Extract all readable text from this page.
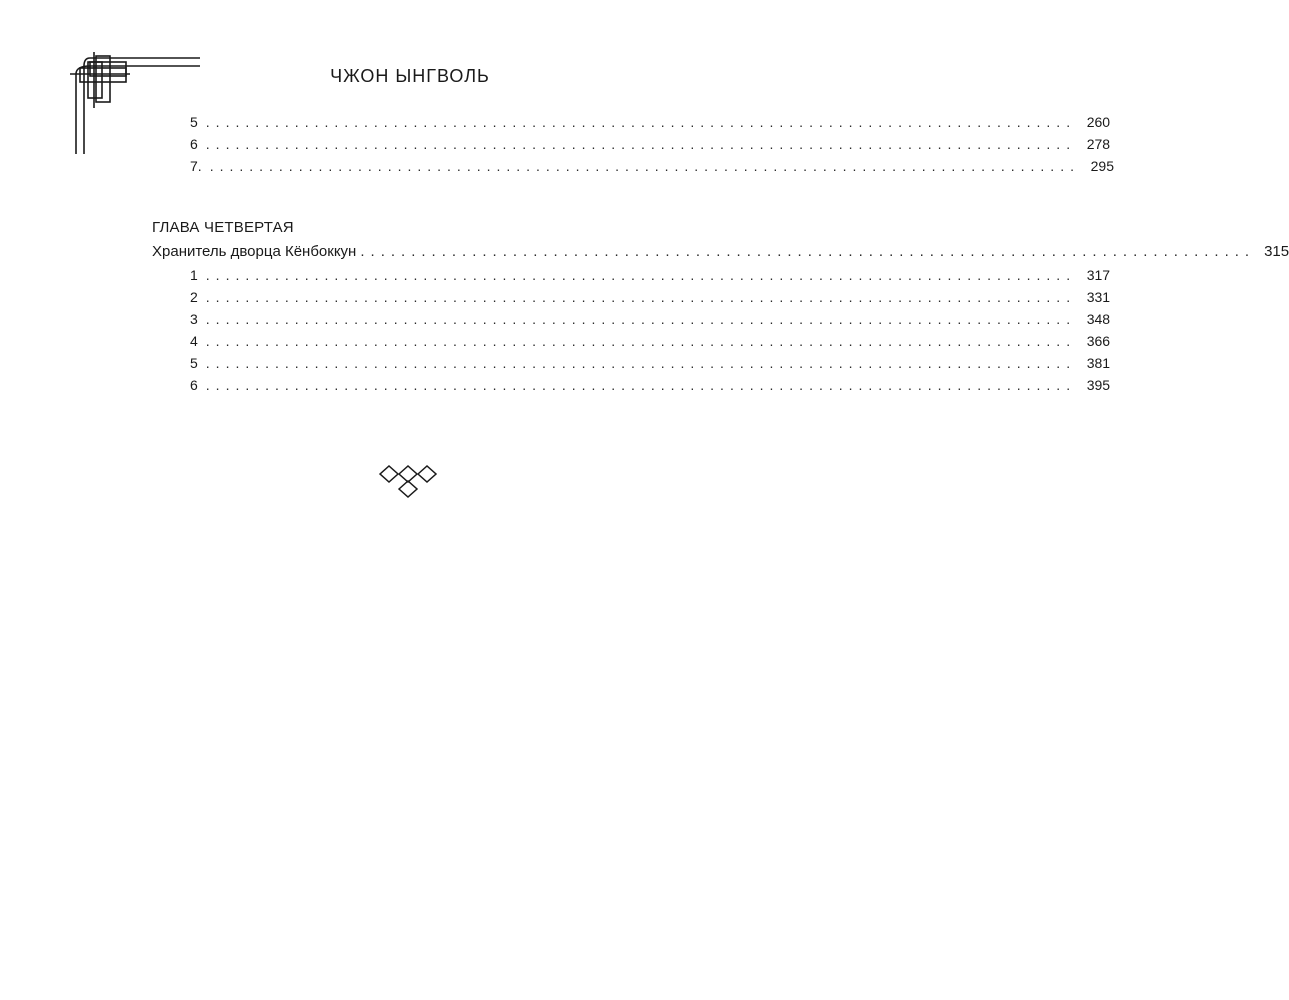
ЧЖОН ЫНГВОЛЬ
5 ........................................................................................ 260
6 ........................................................................................ 278
7. ........................................................................................ 295
ГЛАВА ЧЕТВЕРТАЯ
Хранитель дворца Кёнбоккун ........................................................................................ 315
1 ........................................................................................ 317
2 ........................................................................................ 331
3 ........................................................................................ 348
4 ........................................................................................ 366
5 ........................................................................................ 381
6 ........................................................................................ 395
